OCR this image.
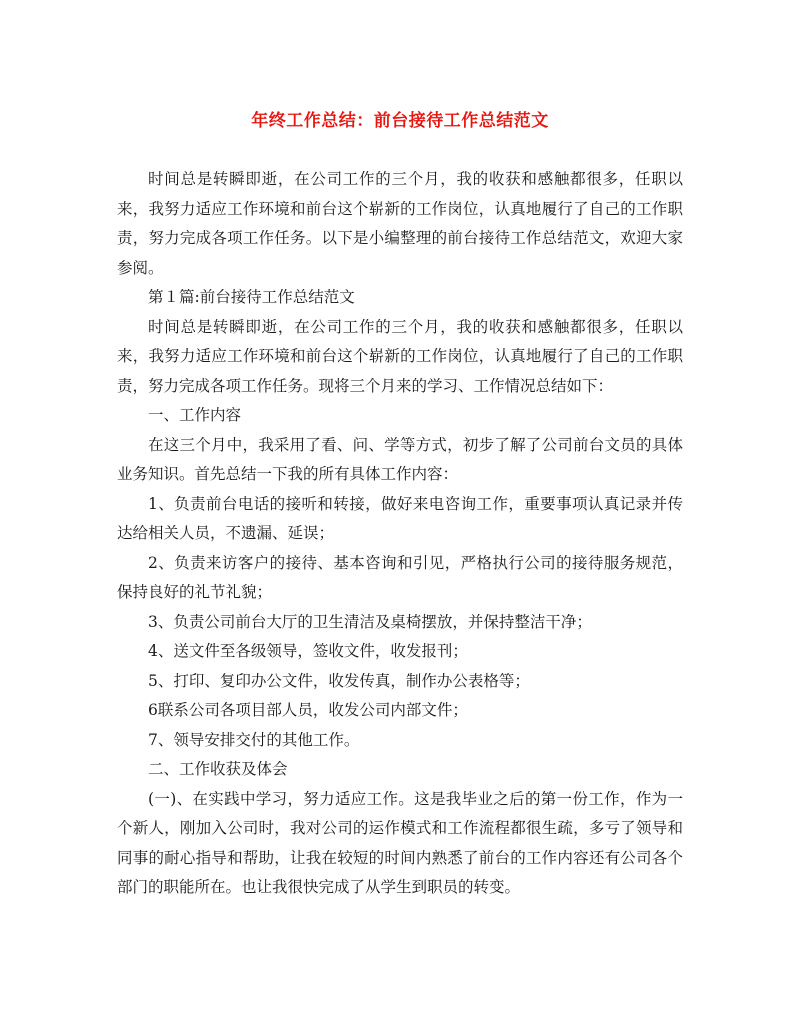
年终工作总结：前台接待工作总结范文

时间总是转瞬即逝，在公司工作的三个月，我的收获和感触都很多，任职以来，我努力适应工作环境和前台这个崭新的工作岗位，认真地履行了自己的工作职责，努力完成各项工作任务。以下是小编整理的前台接待工作总结范文，欢迎大家参阅。

第１篇:前台接待工作总结范文

时间总是转瞬即逝，在公司工作的三个月，我的收获和感触都很多，任职以来，我努力适应工作环境和前台这个崭新的工作岗位，认真地履行了自己的工作职责，努力完成各项工作任务。现将三个月来的学习、工作情况总结如下：

一、工作内容

在这三个月中，我采用了看、问、学等方式，初步了解了公司前台文员的具体业务知识。首先总结一下我的所有具体工作内容：

1、负责前台电话的接听和转接，做好来电咨询工作，重要事项认真记录并传达给相关人员，不遗漏、延误；

2、负责来访客户的接待、基本咨询和引见，严格执行公司的接待服务规范，保持良好的礼节礼貌；

3、负责公司前台大厅的卫生清洁及桌椅摆放，并保持整洁干净；

4、送文件至各级领导，签收文件，收发报刊；

5、打印、复印办公文件，收发传真，制作办公表格等；

6联系公司各项目部人员，收发公司内部文件；

7、领导安排交付的其他工作。

二、工作收获及体会

(一)、在实践中学习，努力适应工作。这是我毕业之后的第一份工作，作为一个新人，刚加入公司时，我对公司的运作模式和工作流程都很生疏，多亏了领导和同事的耐心指导和帮助，让我在较短的时间内熟悉了前台的工作内容还有公司各个部门的职能所在。也让我很快完成了从学生到职员的转变。
